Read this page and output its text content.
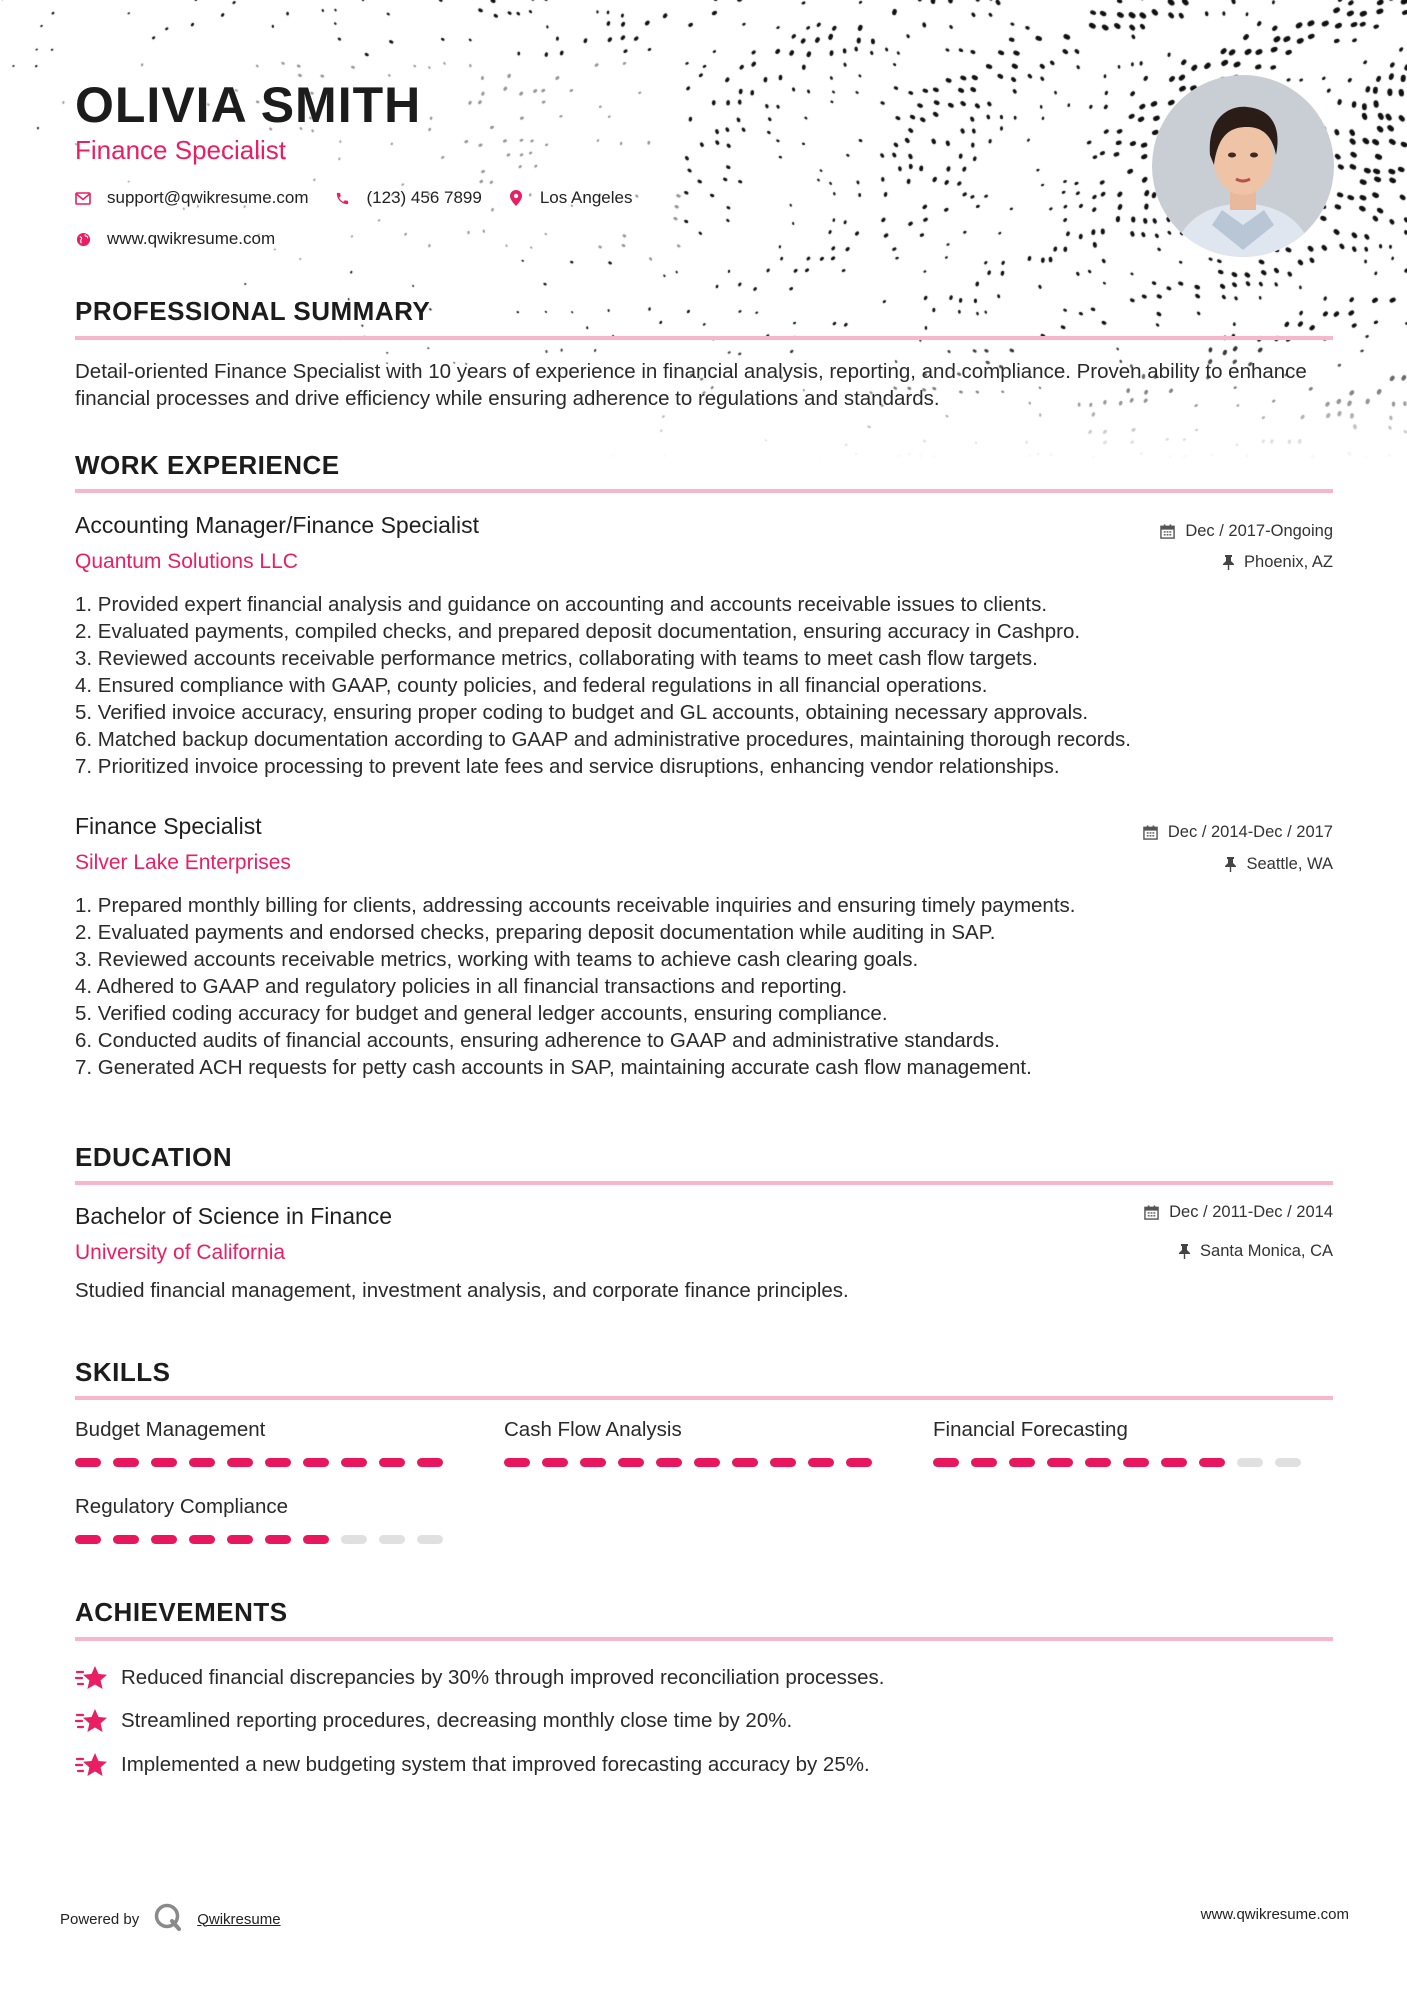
OLIVIA SMITH
Finance Specialist
support@qwikresume.com	(123) 456 7899	Los Angeles
www.qwikresume.com
PROFESSIONAL SUMMARY
Detail-oriented Finance Specialist with 10 years of experience in financial analysis, reporting, and compliance. Proven ability to enhance financial processes and drive efficiency while ensuring adherence to regulations and standards.
WORK EXPERIENCE
Accounting Manager/Finance Specialist
Quantum Solutions LLC
Dec / 2017-Ongoing
Phoenix, AZ
1. Provided expert financial analysis and guidance on accounting and accounts receivable issues to clients.
2. Evaluated payments, compiled checks, and prepared deposit documentation, ensuring accuracy in Cashpro.
3. Reviewed accounts receivable performance metrics, collaborating with teams to meet cash flow targets.
4. Ensured compliance with GAAP, county policies, and federal regulations in all financial operations.
5. Verified invoice accuracy, ensuring proper coding to budget and GL accounts, obtaining necessary approvals.
6. Matched backup documentation according to GAAP and administrative procedures, maintaining thorough records.
7. Prioritized invoice processing to prevent late fees and service disruptions, enhancing vendor relationships.
Finance Specialist
Silver Lake Enterprises
Dec / 2014-Dec / 2017
Seattle, WA
1. Prepared monthly billing for clients, addressing accounts receivable inquiries and ensuring timely payments.
2. Evaluated payments and endorsed checks, preparing deposit documentation while auditing in SAP.
3. Reviewed accounts receivable metrics, working with teams to achieve cash clearing goals.
4. Adhered to GAAP and regulatory policies in all financial transactions and reporting.
5. Verified coding accuracy for budget and general ledger accounts, ensuring compliance.
6. Conducted audits of financial accounts, ensuring adherence to GAAP and administrative standards.
7. Generated ACH requests for petty cash accounts in SAP, maintaining accurate cash flow management.
EDUCATION
Bachelor of Science in Finance
University of California
Dec / 2011-Dec / 2014
Santa Monica, CA
Studied financial management, investment analysis, and corporate finance principles.
SKILLS
Budget Management	Cash Flow Analysis	Financial Forecasting
Regulatory Compliance
ACHIEVEMENTS
Reduced financial discrepancies by 30% through improved reconciliation processes.
Streamlined reporting procedures, decreasing monthly close time by 20%.
Implemented a new budgeting system that improved forecasting accuracy by 25%.
Powered by	Qwikresume	www.qwikresume.com
